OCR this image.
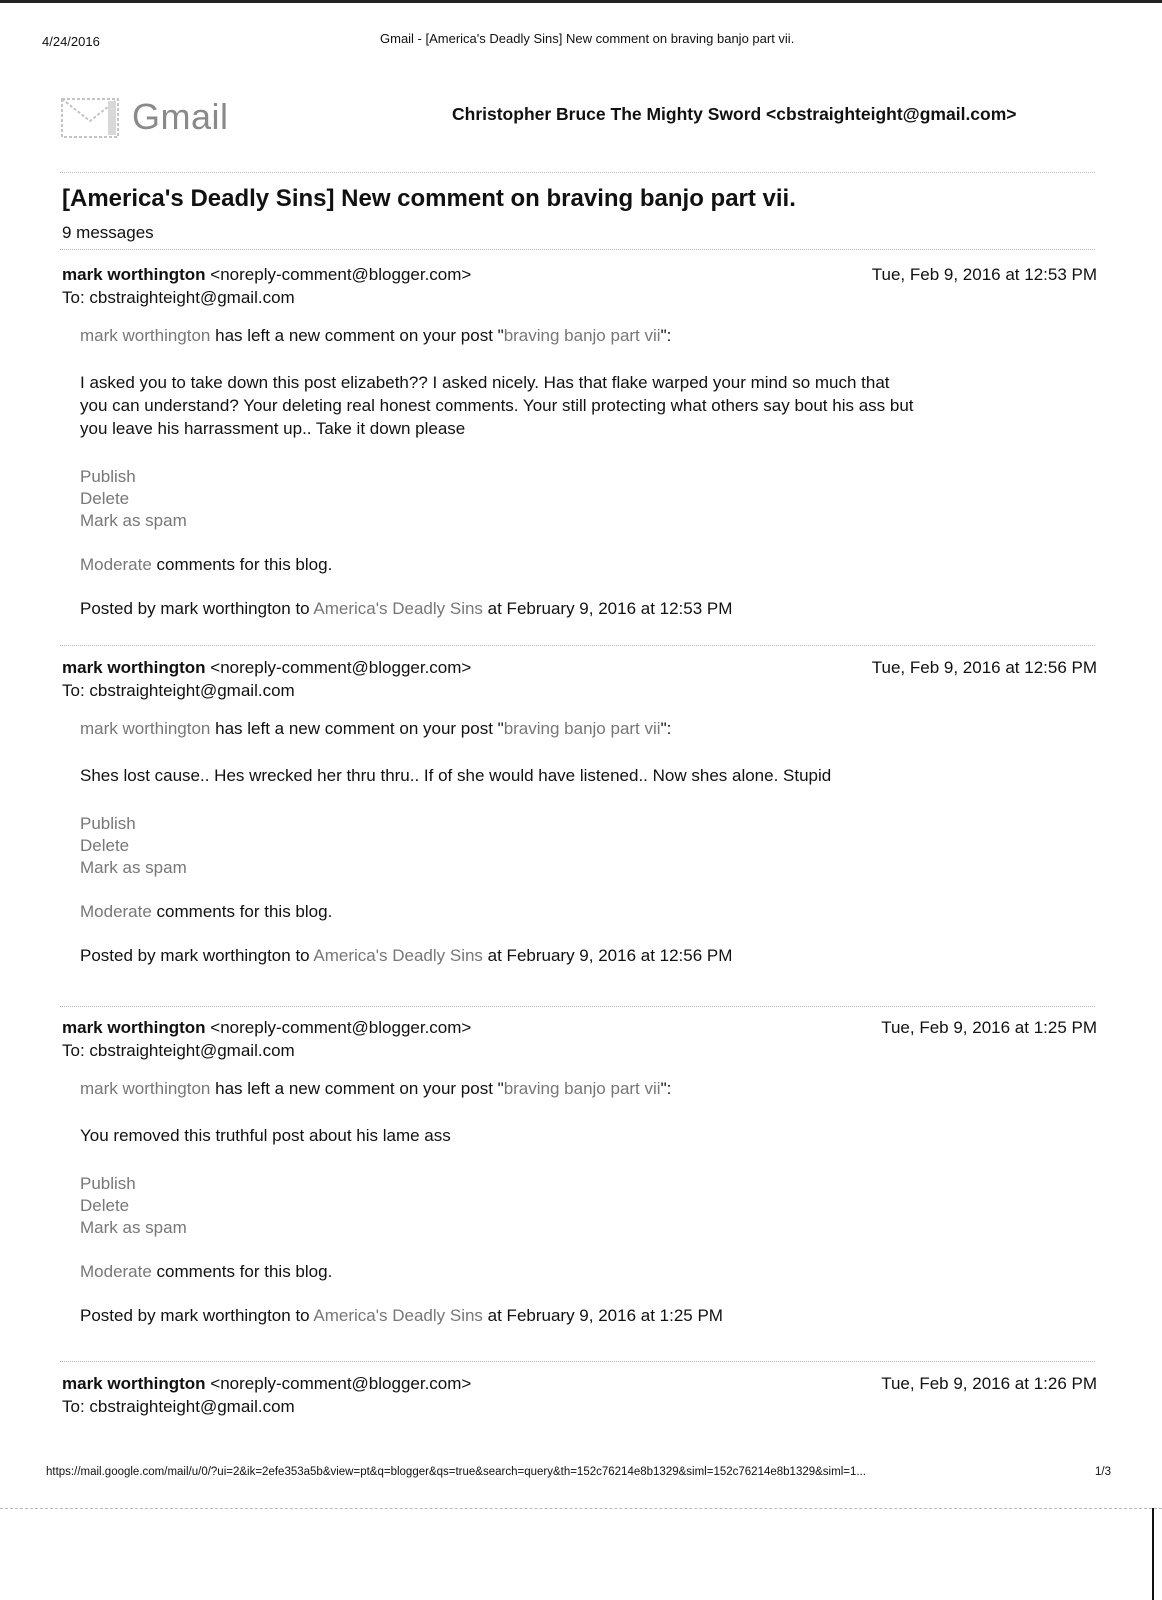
4/24/2016	Gmail - [America's Deadly Sins] New comment on braving banjo part vii.
Gmail	Christopher Bruce The Mighty Sword <cbstraighteight@gmail.com>
[America's Deadly Sins] New comment on braving banjo part vii.
9 messages
mark worthington <noreply-comment@blogger.com>	Tue, Feb 9, 2016 at 12:53 PM
To: cbstraighteight@gmail.com
mark worthington has left a new comment on your post "braving banjo part vii":
I asked you to take down this post elizabeth?? I asked nicely. Has that flake warped your mind so much that
you can understand? Your deleting real honest comments. Your still protecting what others say bout his ass but
you leave his harrassment up.. Take it down please
Publish
Delete
Mark as spam
Moderate comments for this blog.
Posted by mark worthington to America's Deadly Sins at February 9, 2016 at 12:53 PM
mark worthington <noreply-comment@blogger.com>	Tue, Feb 9, 2016 at 12:56 PM
To: cbstraighteight@gmail.com
mark worthington has left a new comment on your post "braving banjo part vii":
Shes lost cause.. Hes wrecked her thru thru.. If of she would have listened.. Now shes alone. Stupid
Publish
Delete
Mark as spam
Moderate comments for this blog.
Posted by mark worthington to America's Deadly Sins at February 9, 2016 at 12:56 PM
mark worthington <noreply-comment@blogger.com>	Tue, Feb 9, 2016 at 1:25 PM
To: cbstraighteight@gmail.com
mark worthington has left a new comment on your post "braving banjo part vii":
You removed this truthful post about his lame ass
Publish
Delete
Mark as spam
Moderate comments for this blog.
Posted by mark worthington to America's Deadly Sins at February 9, 2016 at 1:25 PM
mark worthington <noreply-comment@blogger.com>	Tue, Feb 9, 2016 at 1:26 PM
To: cbstraighteight@gmail.com
https://mail.google.com/mail/u/0/?ui=2&ik=2efe353a5b&view=pt&q=blogger&qs=true&search=query&th=152c76214e8b1329&siml=152c76214e8b1329&siml=1...	1/3
